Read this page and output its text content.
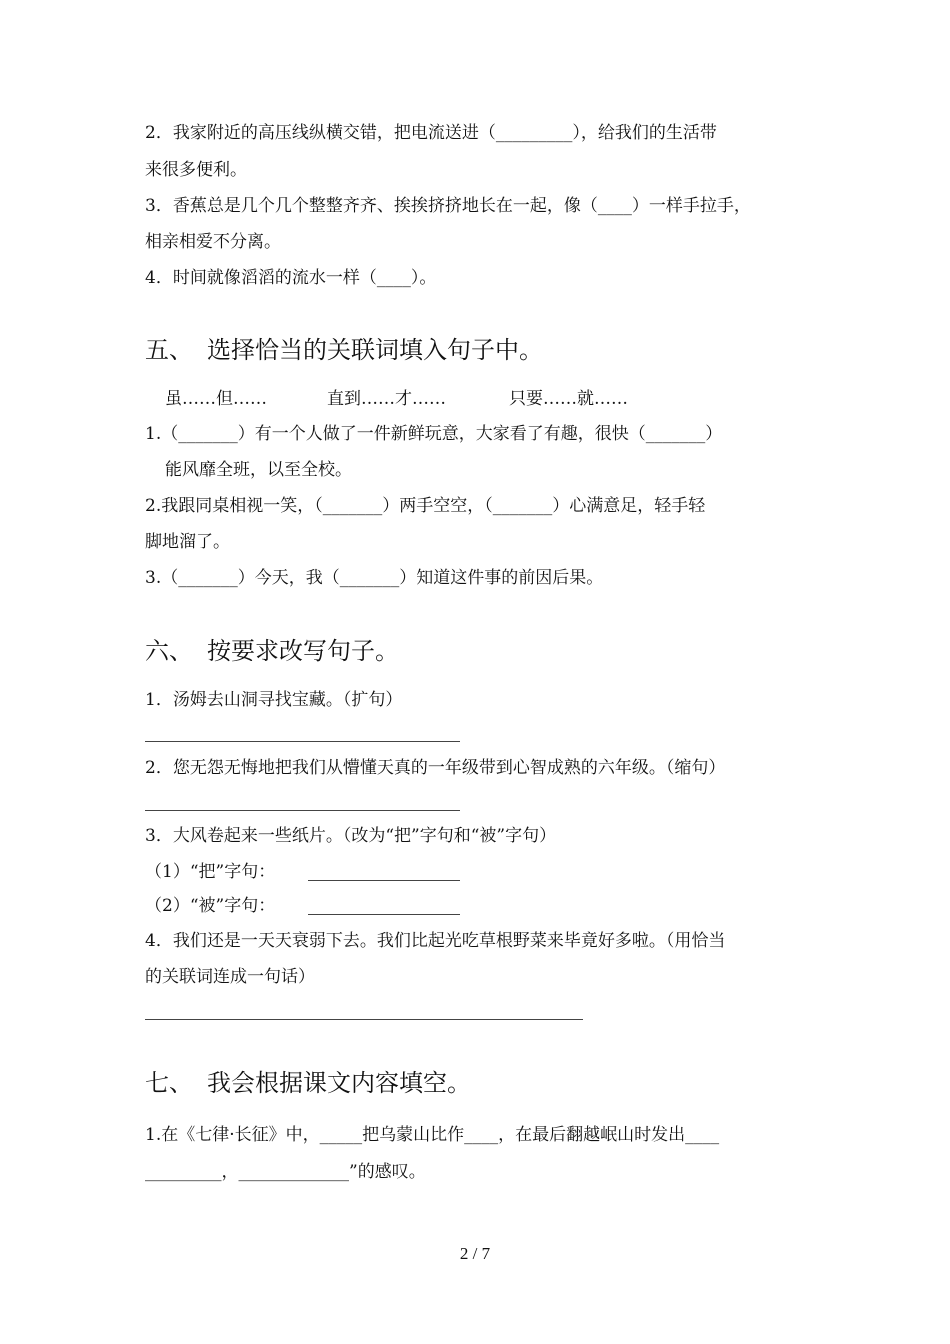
2．我家附近的高压线纵横交错，把电流送进（_________），给我们的生活带
来很多便利。
3．香蕉总是几个几个整整齐齐、挨挨挤挤地长在一起，像（____）一样手拉手，
相亲相爱不分离。
4．时间就像滔滔的流水一样（____）。
五、 选择恰当的关联词填入句子中。
虽……但……	直到……才……	只要……就……
1.（_______）有一个人做了一件新鲜玩意，大家看了有趣，很快（_______）
能风靡全班，以至全校。
2.我跟同桌相视一笑，（_______）两手空空，（_______）心满意足，轻手轻
脚地溜了。
3.（_______）今天，我（_______）知道这件事的前因后果。
六、 按要求改写句子。
1．汤姆去山洞寻找宝藏。（扩句）
2．您无怨无悔地把我们从懵懂天真的一年级带到心智成熟的六年级。（缩句）
3．大风卷起来一些纸片。（改为“把”字句和“被”字句）
（1）“把”字句：
（2）“被”字句：
4．我们还是一天天衰弱下去。我们比起光吃草根野菜来毕竟好多啦。（用恰当
的关联词连成一句话）
七、 我会根据课文内容填空。
1.在《七律·长征》中，_____把乌蒙山比作____，在最后翻越岷山时发出____
_________，_____________”的感叹。
2 / 7
